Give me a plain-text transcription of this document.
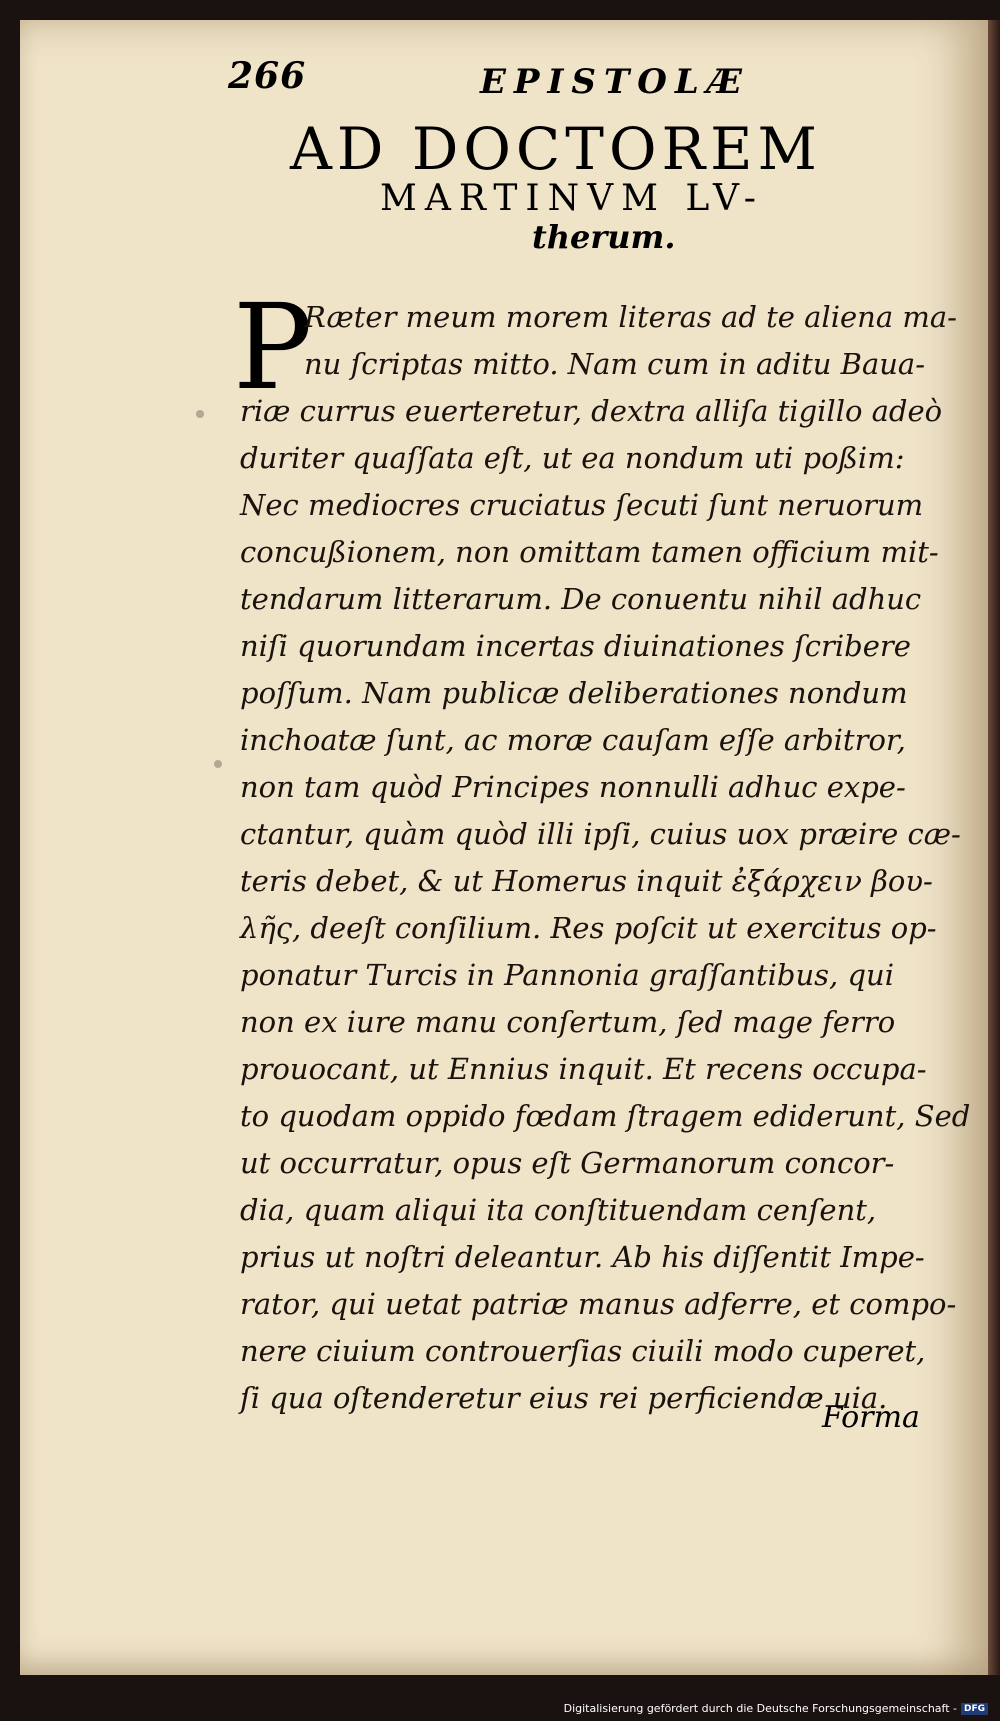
266	EPISTOLÆ
AD DOCTOREM
MARTINVM LV-
therum.
P
Ræter meum morem literas ad te aliena ma-
nu ſcriptas mitto. Nam cum in aditu Baua-
riæ currus euerteretur, dextra alliſa tigillo adeò
duriter quaſſata eſt, ut ea nondum uti poßim:
Nec mediocres cruciatus ſecuti ſunt neruorum
concußionem, non omittam tamen officium mit-
tendarum litterarum. De conuentu nihil adhuc
niſi quorundam incertas diuinationes ſcribere
poſſum. Nam publicæ deliberationes nondum
inchoatæ ſunt, ac moræ cauſam eſſe arbitror,
non tam quòd Principes nonnulli adhuc expe-
ctantur, quàm quòd illi ipſi, cuius uox præire cæ-
teris debet, & ut Homerus inquit ἐξάρχειν βου-
λῆς, deeſt conſilium. Res poſcit ut exercitus op-
ponatur Turcis in Pannonia graſſantibus, qui
non ex iure manu conſertum, ſed mage ferro
prouocant, ut Ennius inquit. Et recens occupa-
to quodam oppido fœdam ſtragem ediderunt, Sed
ut occurratur, opus eſt Germanorum concor-
dia, quam aliqui ita conſtituendam cenſent,
prius ut noſtri deleantur. Ab his diſſentit Impe-
rator, qui uetat patriæ manus adferre, et compo-
nere ciuium controuerſias ciuili modo cuperet,
ſi qua oſtenderetur eius rei perficiendæ uia.
Forma
Digitalisierung gefördert durch die Deutsche Forschungsgemeinschaft - DFG
